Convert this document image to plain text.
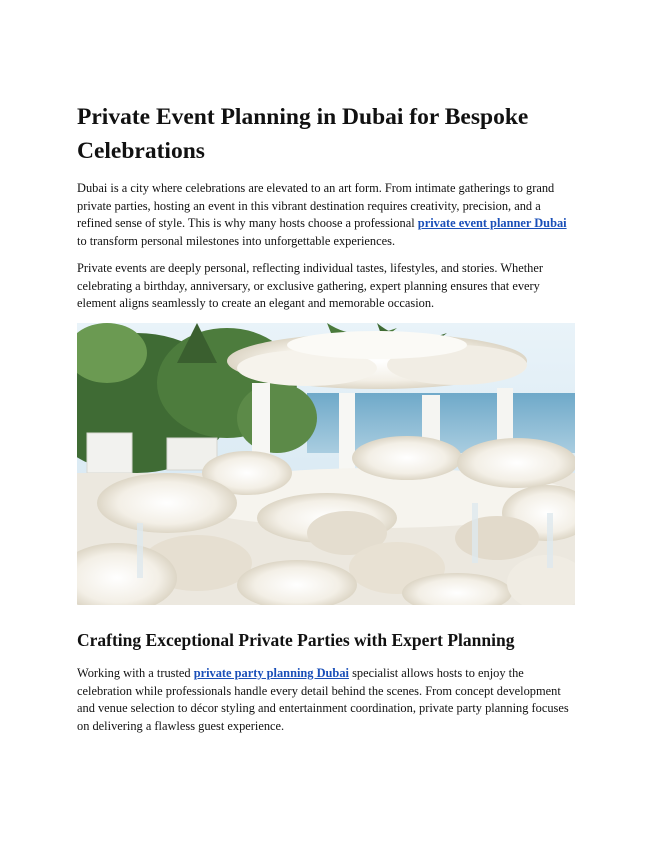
Private Event Planning in Dubai for Bespoke Celebrations

Dubai is a city where celebrations are elevated to an art form. From intimate gatherings to grand private parties, hosting an event in this vibrant destination requires creativity, precision, and a refined sense of style. This is why many hosts choose a professional private event planner Dubai to transform personal milestones into unforgettable experiences.

Private events are deeply personal, reflecting individual tastes, lifestyles, and stories. Whether celebrating a birthday, anniversary, or exclusive gathering, expert planning ensures that every element aligns seamlessly to create an elegant and memorable occasion.

Crafting Exceptional Private Parties with Expert Planning

Working with a trusted private party planning Dubai specialist allows hosts to enjoy the celebration while professionals handle every detail behind the scenes. From concept development and venue selection to décor styling and entertainment coordination, private party planning focuses on delivering a flawless guest experience.
